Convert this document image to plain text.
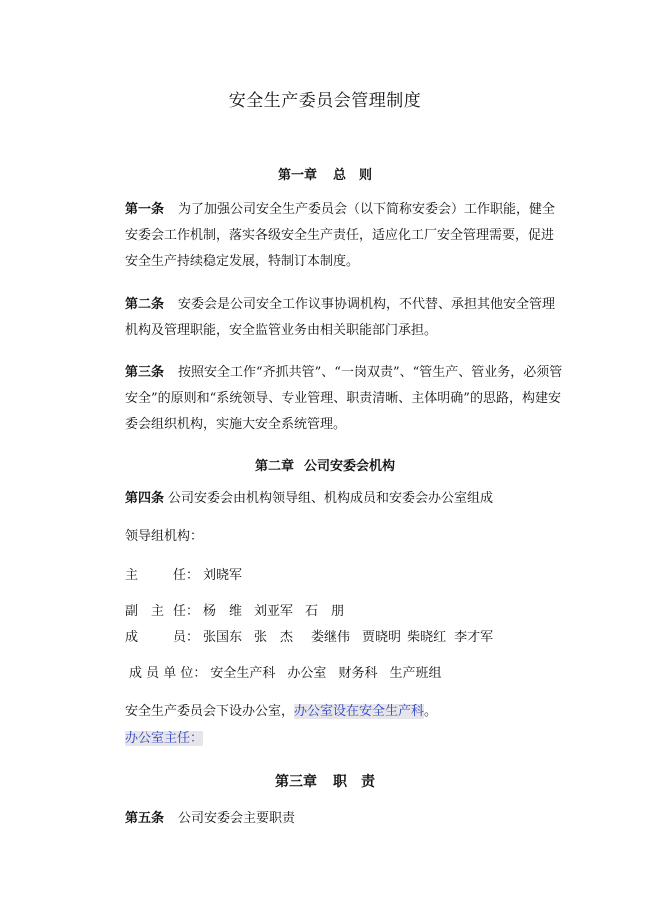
安全生产委员会管理制度
第一章 总　则
第一条 为了加强公司安全生产委员会（以下简称安委会）工作职能，健全安委会工作机制，落实各级安全生产责任，适应化工厂安全管理需要，促进安全生产持续稳定发展，特制订本制度。
第二条 安委会是公司安全工作议事协调机构，不代替、承担其他安全管理机构及管理职能，安全监管业务由相关职能部门承担。
第三条 按照安全工作“齐抓共管”、“一岗双责”、“管生产、管业务，必须管安全”的原则和“系统领导、专业管理、职责清晰、主体明确”的思路，构建安委会组织机构，实施大安全系统管理。
第二章 公司安委会机构
第四条 公司安委会由机构领导组、机构成员和安委会办公室组成
领导组机构：
主	任： 刘晓军
副　主 任： 杨　维 刘亚军 石　朋
成	员： 张国东 张　杰 娄继伟 贾晓明 柴晓红 李才军
成 员 单 位： 安全生产科 办公室 财务科 生产班组
安全生产委员会下设办公室，办公室设在安全生产科。
办公室主任：
第三章 职　责
第五条 公司安委会主要职责
